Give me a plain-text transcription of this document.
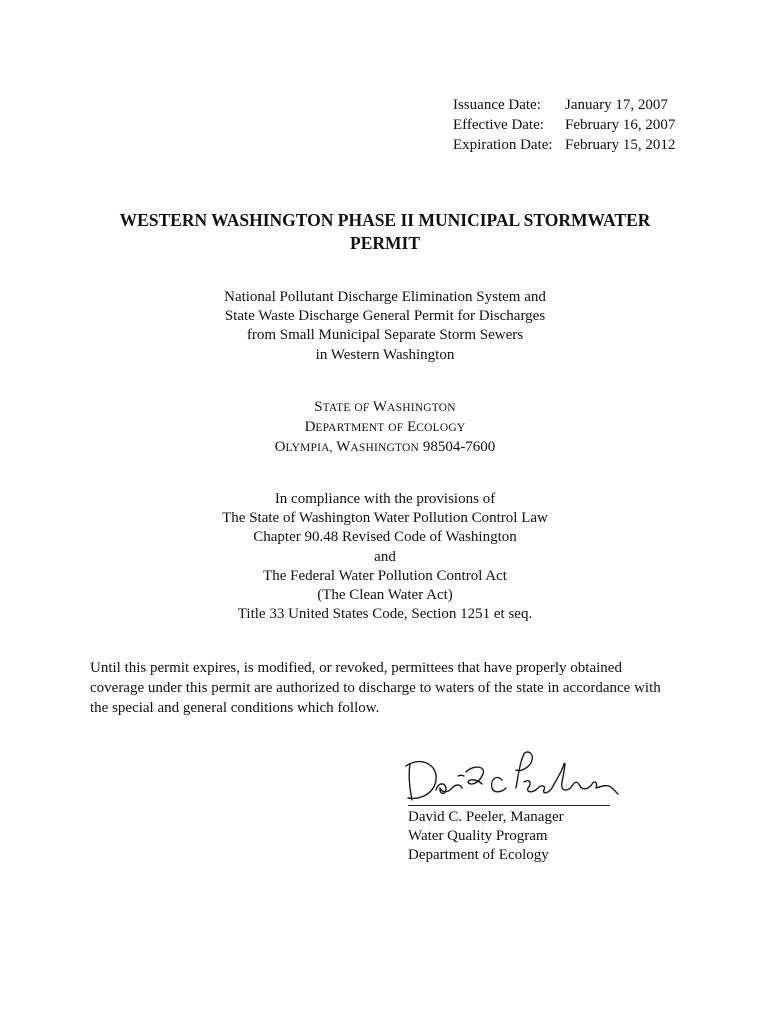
Issuance Date:	January 17, 2007
Effective Date:	February 16, 2007
Expiration Date: February 15, 2012
WESTERN WASHINGTON PHASE II MUNICIPAL STORMWATER
PERMIT
National Pollutant Discharge Elimination System and
State Waste Discharge General Permit for Discharges
from Small Municipal Separate Storm Sewers
in Western Washington
STATE OF WASHINGTON
DEPARTMENT OF ECOLOGY
OLYMPIA, WASHINGTON 98504-7600
In compliance with the provisions of
The State of Washington Water Pollution Control Law
Chapter 90.48 Revised Code of Washington
and
The Federal Water Pollution Control Act
(The Clean Water Act)
Title 33 United States Code, Section 1251 et seq.
Until this permit expires, is modified, or revoked, permittees that have properly obtained
coverage under this permit are authorized to discharge to waters of the state in accordance with
the special and general conditions which follow.
David C. Peeler, Manager
Water Quality Program
Department of Ecology
